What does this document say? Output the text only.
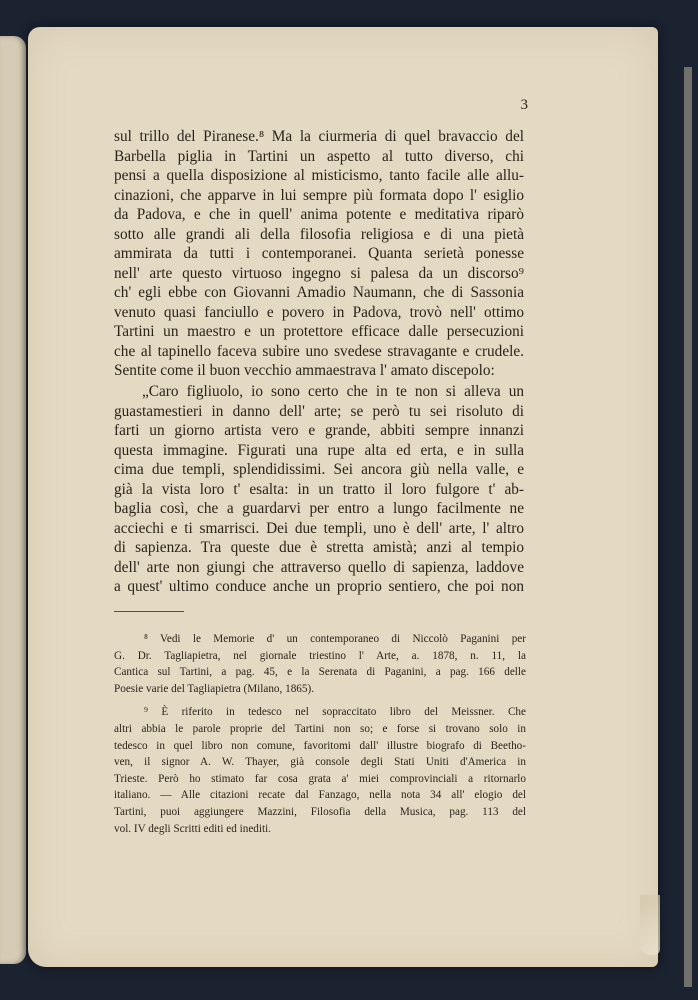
3
sul trillo del Piranese.⁸ Ma la ciurmeria di quel bravaccio del
Barbella piglia in Tartini un aspetto al tutto diverso, chi
pensi a quella disposizione al misticismo, tanto facile alle allu-
cinazioni, che apparve in lui sempre più formata dopo l' esiglio
da Padova, e che in quell' anima potente e meditativa riparò
sotto alle grandi ali della filosofia religiosa e di una pietà
ammirata da tutti i contemporanei. Quanta serietà ponesse
nell' arte questo virtuoso ingegno si palesa da un discorso⁹
ch' egli ebbe con Giovanni Amadio Naumann, che di Sassonia
venuto quasi fanciullo e povero in Padova, trovò nell' ottimo
Tartini un maestro e un protettore efficace dalle persecuzioni
che al tapinello faceva subire uno svedese stravagante e crudele.
Sentite come il buon vecchio ammaestrava l' amato discepolo:
„Caro figliuolo, io sono certo che in te non si alleva un
guastamestieri in danno dell' arte; se però tu sei risoluto di
farti un giorno artista vero e grande, abbiti sempre innanzi
questa immagine. Figurati una rupe alta ed erta, e in sulla
cima due templi, splendidissimi. Sei ancora giù nella valle, e
già la vista loro t' esalta: in un tratto il loro fulgore t' ab-
baglia così, che a guardarvi per entro a lungo facilmente ne
acciechi e ti smarrisci. Dei due templi, uno è dell' arte, l' altro
di sapienza. Tra queste due è stretta amistà; anzi al tempio
dell' arte non giungi che attraverso quello di sapienza, laddove
a quest' ultimo conduce anche un proprio sentiero, che poi non
⁸ Vedi le Memorie d' un contemporaneo di Niccolò Paganini per
G. Dr. Tagliapietra, nel giornale triestino l' Arte, a. 1878, n. 11, la
Cantica sul Tartini, a pag. 45, e la Serenata di Paganini, a pag. 166 delle
Poesie varie del Tagliapietra (Milano, 1865).
⁹ È riferito in tedesco nel sopraccitato libro del Meissner. Che
altri abbia le parole proprie del Tartini non so; e forse si trovano solo in
tedesco in quel libro non comune, favoritomi dall' illustre biografo di Beetho-
ven, il signor A. W. Thayer, già console degli Stati Uniti d'America in
Trieste. Però ho stimato far cosa grata a' miei comprovinciali a ritornarlo
italiano. — Alle citazioni recate dal Fanzago, nella nota 34 all' elogio del
Tartini, puoi aggiungere Mazzini, Filosofia della Musica, pag. 113 del
vol. IV degli Scritti editi ed inediti.
